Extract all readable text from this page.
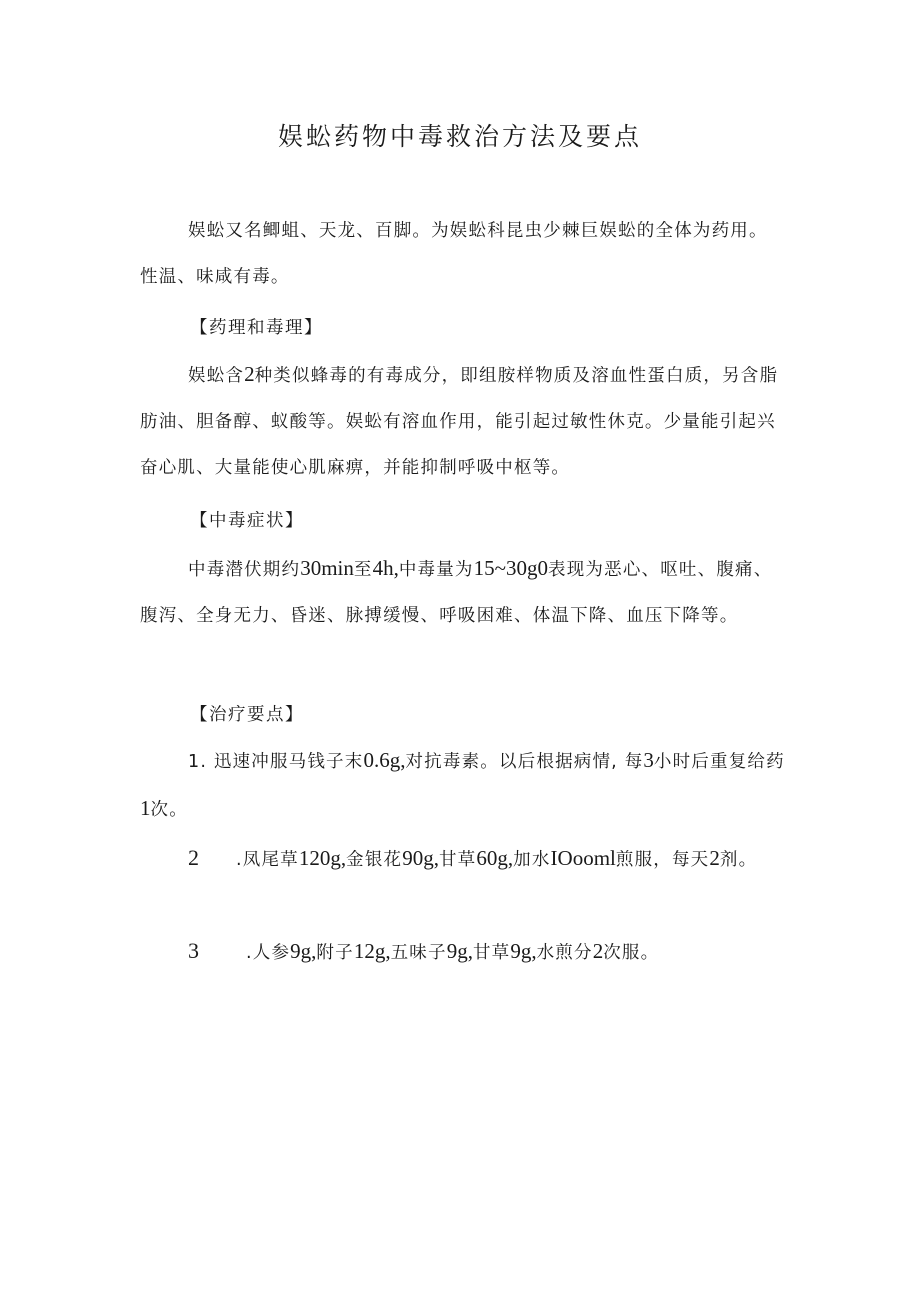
娱蚣药物中毒救治方法及要点

娱蚣又名鲫蛆、天龙、百脚。为娱蚣科昆虫少棘巨娱蚣的全体为药用。性温、味咸有毒。

【药理和毒理】

娱蚣含2种类似蜂毒的有毒成分，即组胺样物质及溶血性蛋白质，另含脂肪油、胆备醇、蚁酸等。娱蚣有溶血作用，能引起过敏性休克。少量能引起兴奋心肌、大量能使心肌麻痹，并能抑制呼吸中枢等。

【中毒症状】

中毒潜伏期约30min至4h,中毒量为15~30g0表现为恶心、呕吐、腹痛、腹泻、全身无力、昏迷、脉搏缓慢、呼吸困难、体温下降、血压下降等。

【治疗要点】

1. 迅速冲服马钱子末0.6g,对抗毒素。以后根据病情, 每3小时后重复给药1次。

2 .凤尾草120g,金银花90g,甘草60g,加水IOooml煎服，每天2剂。

3	.人参9g,附子12g,五味子9g,甘草9g,水煎分2次服。
